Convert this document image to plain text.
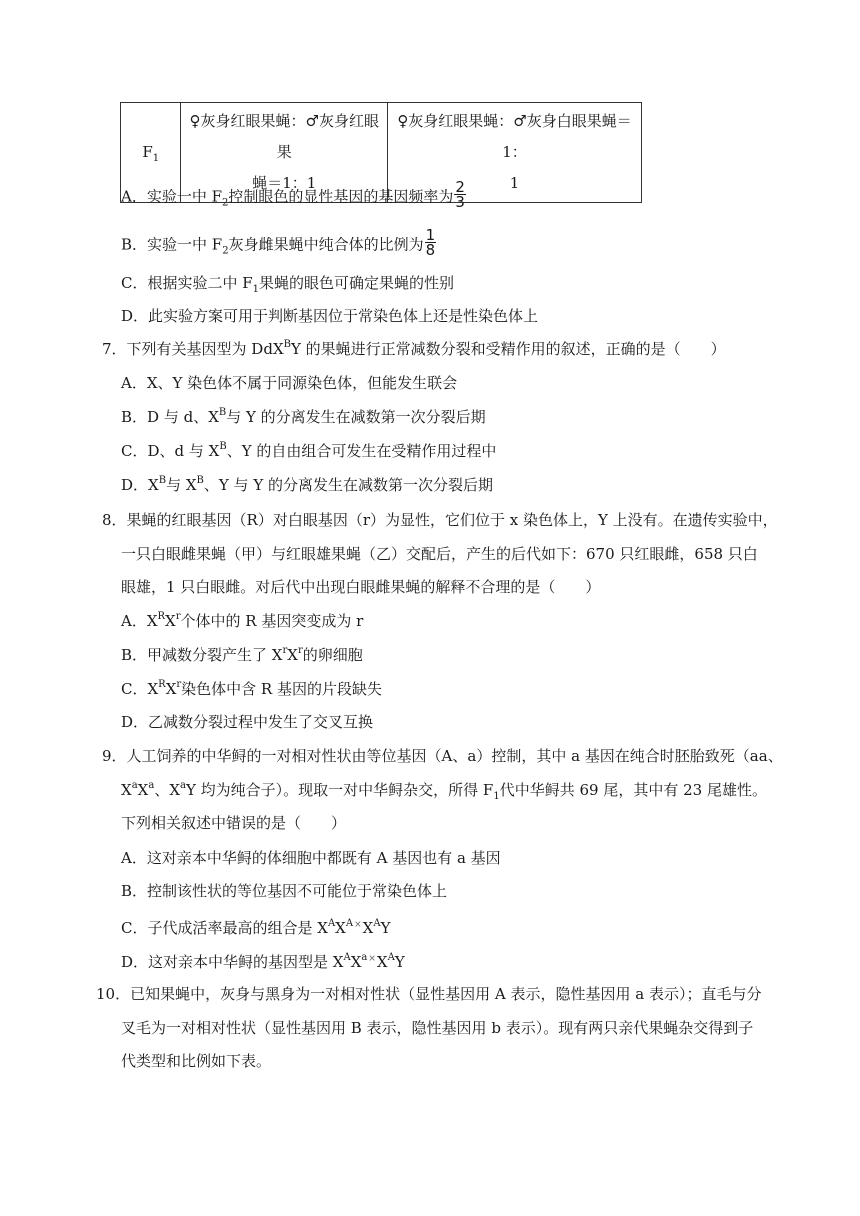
$F_1$	♀灰身红眼果蝇：♂灰身红眼果
蝇＝1：1	♀灰身红眼果蝇：♂灰身白眼果蝇＝1：
1
A．实验一中 $F_2$控制眼色的显性基因的基因频率为 $\frac{2}{3}$
B．实验一中 $F_2$灰身雌果蝇中纯合体的比例为 $\frac{1}{8}$
C．根据实验二中 $F_1$果蝇的眼色可确定果蝇的性别
D．此实验方案可用于判断基因位于常染色体上还是性染色体上
7．下列有关基因型为 DdX$^B$Y 的果蝇进行正常减数分裂和受精作用的叙述，正确的是（　　）
A．X、Y 染色体不属于同源染色体，但能发生联会
B．D 与 d、$X^B$与 Y 的分离发生在减数第一次分裂后期
C．D、d 与 $X^B$、Y 的自由组合可发生在受精作用过程中
D．$X^B$与 $X^B$、Y 与 Y 的分离发生在减数第一次分裂后期
8．果蝇的红眼基因（R）对白眼基因（r）为显性，它们位于 x 染色体上，Y 上没有。在遗传实验中，
一只白眼雌果蝇（甲）与红眼雄果蝇（乙）交配后，产生的后代如下：670 只红眼雌，658 只白
眼雄，1 只白眼雌。对后代中出现白眼雌果蝇的解释不合理的是（　　）
A．$X^RX^r$个体中的 R 基因突变成为 r
B．甲减数分裂产生了 $X^rX^r$的卵细胞
C．$X^RX^r$染色体中含 R 基因的片段缺失
D．乙减数分裂过程中发生了交叉互换
9．人工饲养的中华鲟的一对相对性状由等位基因（A、a）控制，其中 a 基因在纯合时胚胎致死（aa、
$X^aX^a$、$X^aY$ 均为纯合子）。现取一对中华鲟杂交，所得 $F_1$代中华鲟共 69 尾，其中有 23 尾雄性。
下列相关叙述中错误的是（　　）
A．这对亲本中华鲟的体细胞中都既有 A 基因也有 a 基因
B．控制该性状的等位基因不可能位于常染色体上
C．子代成活率最高的组合是 $X^AX^{A\times}X^AY$
D．这对亲本中华鲟的基因型是 $X^AX^{a\times}X^AY$
10．已知果蝇中，灰身与黑身为一对相对性状（显性基因用 A 表示，隐性基因用 a 表示）；直毛与分
叉毛为一对相对性状（显性基因用 B 表示，隐性基因用 b 表示）。现有两只亲代果蝇杂交得到子
代类型和比例如下表。
